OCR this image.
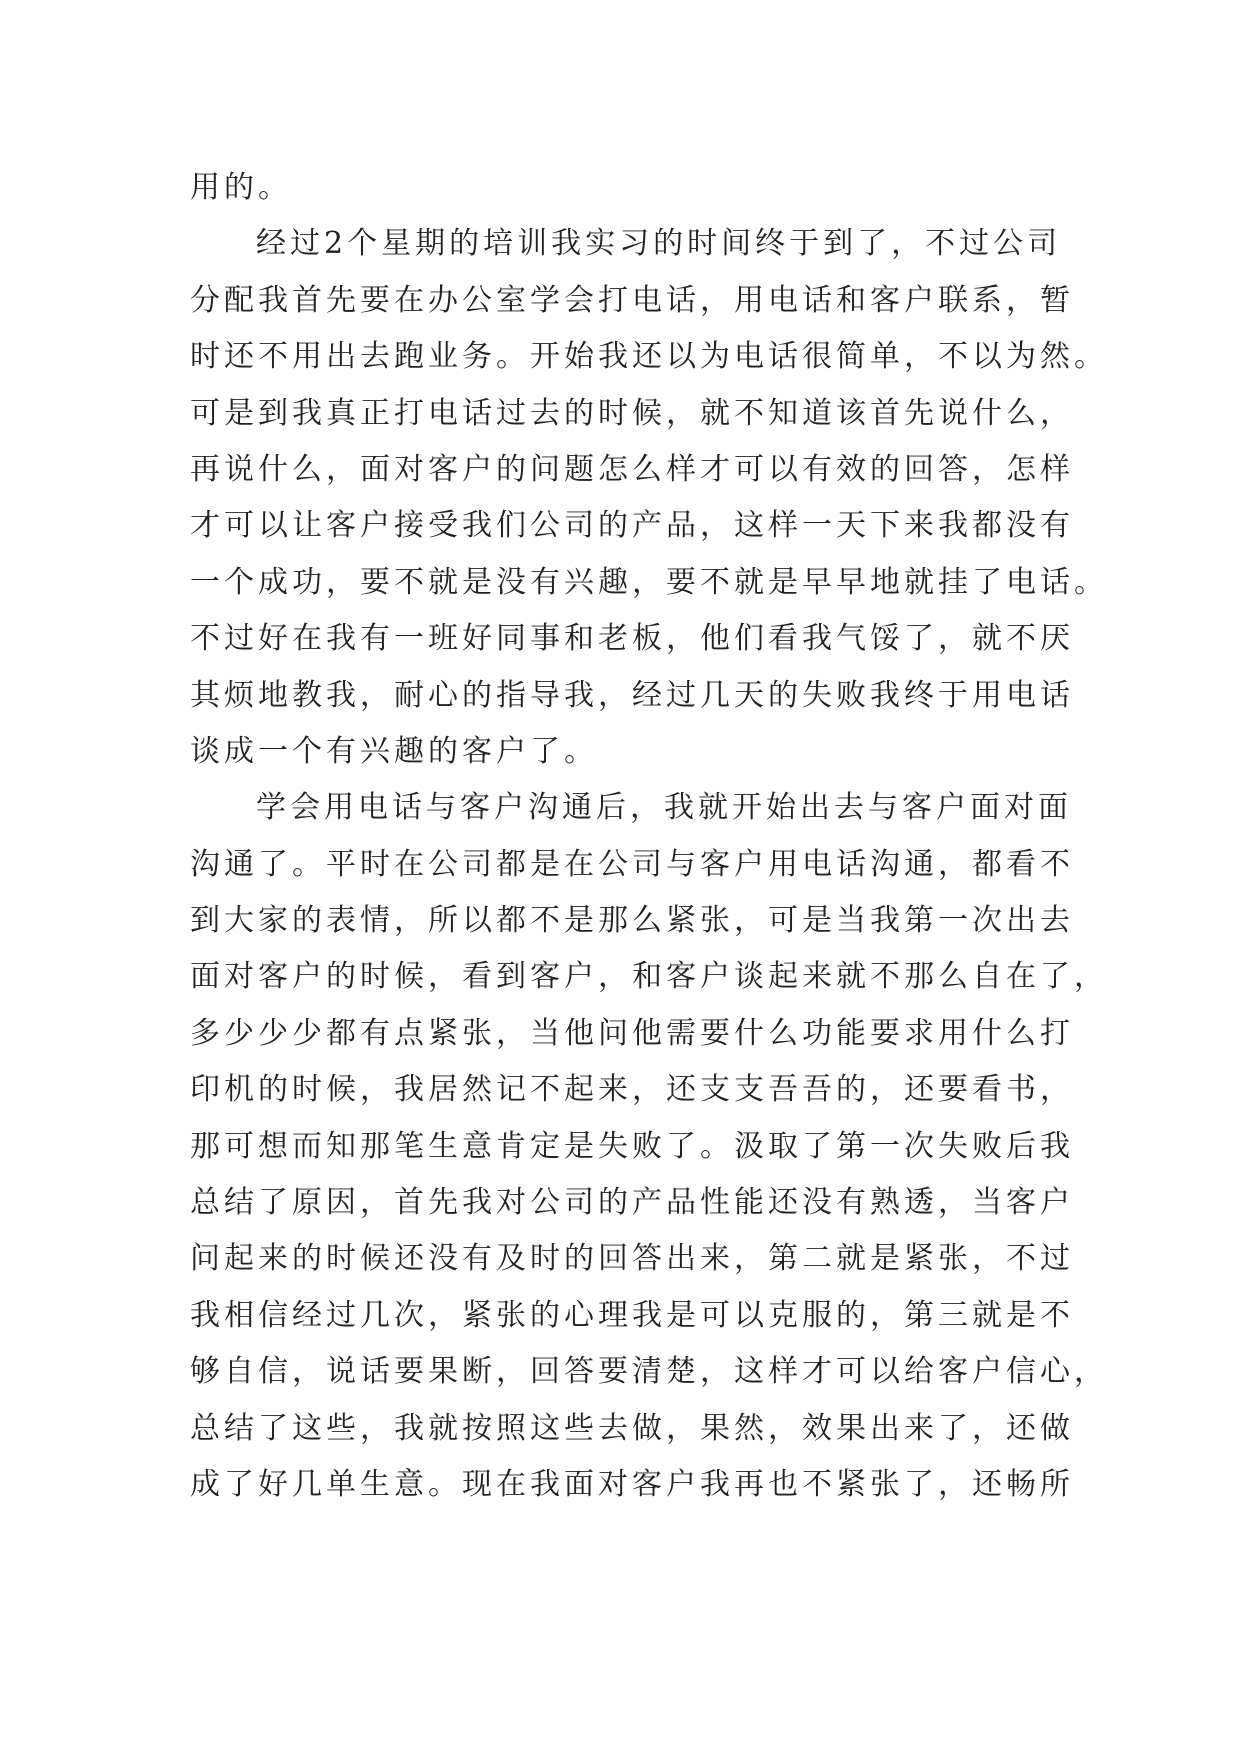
用的。
经过2个星期的培训我实习的时间终于到了，不过公司
分配我首先要在办公室学会打电话，用电话和客户联系，暂
时还不用出去跑业务。开始我还以为电话很简单，不以为然。
可是到我真正打电话过去的时候，就不知道该首先说什么，
再说什么，面对客户的问题怎么样才可以有效的回答，怎样
才可以让客户接受我们公司的产品，这样一天下来我都没有
一个成功，要不就是没有兴趣，要不就是早早地就挂了电话。
不过好在我有一班好同事和老板，他们看我气馁了，就不厌
其烦地教我，耐心的指导我，经过几天的失败我终于用电话
谈成一个有兴趣的客户了。
学会用电话与客户沟通后，我就开始出去与客户面对面
沟通了。平时在公司都是在公司与客户用电话沟通，都看不
到大家的表情，所以都不是那么紧张，可是当我第一次出去
面对客户的时候，看到客户，和客户谈起来就不那么自在了，
多少少少都有点紧张，当他问他需要什么功能要求用什么打
印机的时候，我居然记不起来，还支支吾吾的，还要看书，
那可想而知那笔生意肯定是失败了。汲取了第一次失败后我
总结了原因，首先我对公司的产品性能还没有熟透，当客户
问起来的时候还没有及时的回答出来，第二就是紧张，不过
我相信经过几次，紧张的心理我是可以克服的，第三就是不
够自信，说话要果断，回答要清楚，这样才可以给客户信心，
总结了这些，我就按照这些去做，果然，效果出来了，还做
成了好几单生意。现在我面对客户我再也不紧张了，还畅所
